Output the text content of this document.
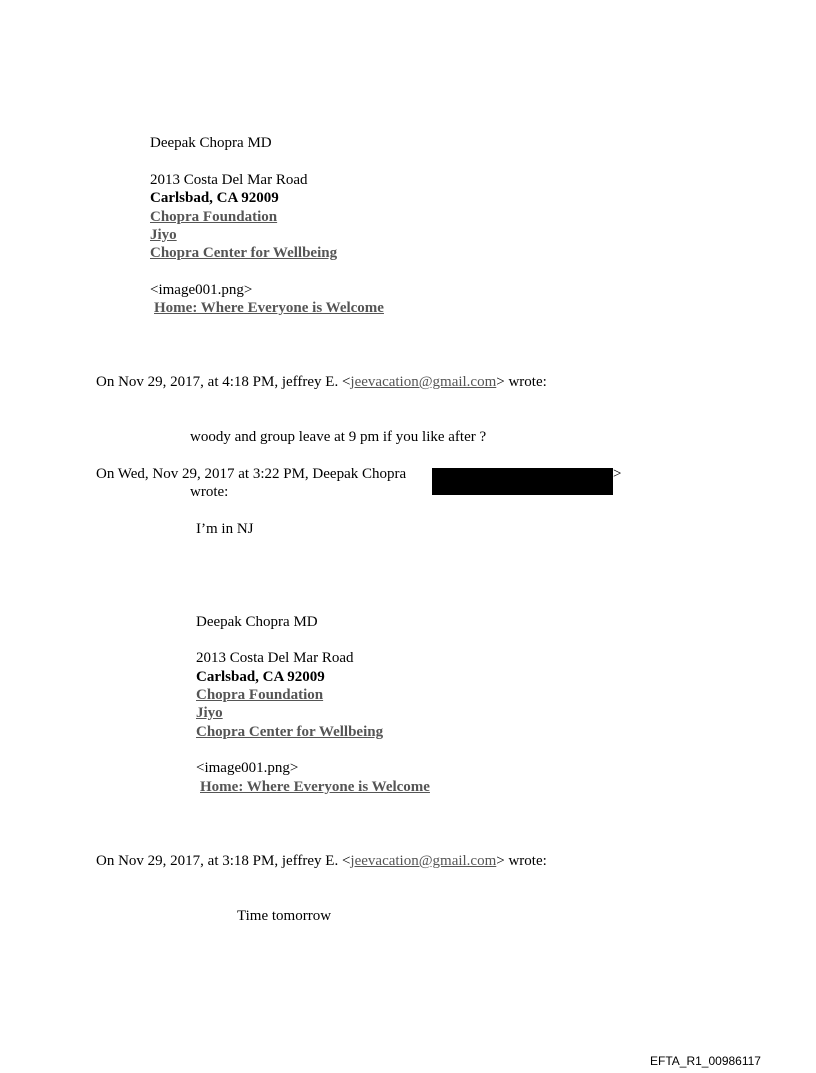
Deepak Chopra MD
2013 Costa Del Mar Road
Carlsbad, CA 92009
Chopra Foundation
Jiyo
Chopra Center for Wellbeing
<image001.png>
Home: Where Everyone is Welcome
On Nov 29, 2017, at 4:18 PM, jeffrey E. <jeevacation@gmail.com> wrote:
woody and group leave at 9 pm if you like after ?
On Wed, Nov 29, 2017 at 3:22 PM, Deepak Chopra	>
wrote:
I’m in NJ
Deepak Chopra MD
2013 Costa Del Mar Road
Carlsbad, CA 92009
Chopra Foundation
Jiyo
Chopra Center for Wellbeing
<image001.png>
Home: Where Everyone is Welcome
On Nov 29, 2017, at 3:18 PM, jeffrey E. <jeevacation@gmail.com> wrote:
Time tomorrow
EFTA_R1_00986117
